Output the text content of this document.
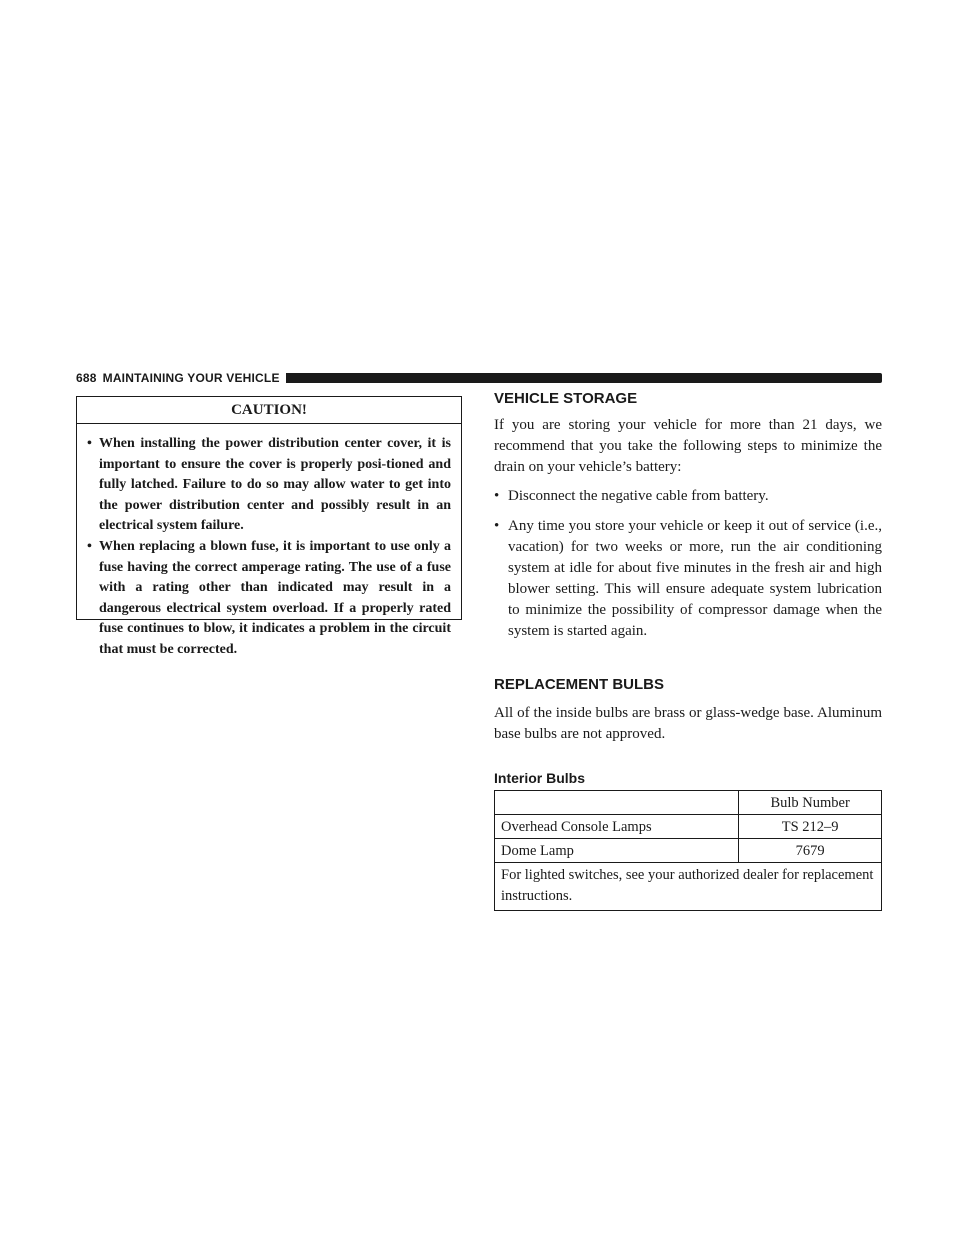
688 MAINTAINING YOUR VEHICLE
CAUTION!
• When installing the power distribution center cover, it is important to ensure the cover is properly posi-tioned and fully latched. Failure to do so may allow water to get into the power distribution center and possibly result in an electrical system failure.
• When replacing a blown fuse, it is important to use only a fuse having the correct amperage rating. The use of a fuse with a rating other than indicated may result in a dangerous electrical system overload. If a properly rated fuse continues to blow, it indicates a problem in the circuit that must be corrected.
VEHICLE STORAGE

If you are storing your vehicle for more than 21 days, we recommend that you take the following steps to minimize the drain on your vehicle’s battery:

• Disconnect the negative cable from battery.
• Any time you store your vehicle or keep it out of service (i.e., vacation) for two weeks or more, run the air conditioning system at idle for about five minutes in the fresh air and high blower setting. This will ensure adequate system lubrication to minimize the possibility of compressor damage when the system is started again.
REPLACEMENT BULBS

All of the inside bulbs are brass or glass-wedge base. Aluminum base bulbs are not approved.

Interior Bulbs
	Bulb Number
Overhead Console Lamps	TS 212–9
Dome Lamp	7679
For lighted switches, see your authorized dealer for replacement instructions.	
